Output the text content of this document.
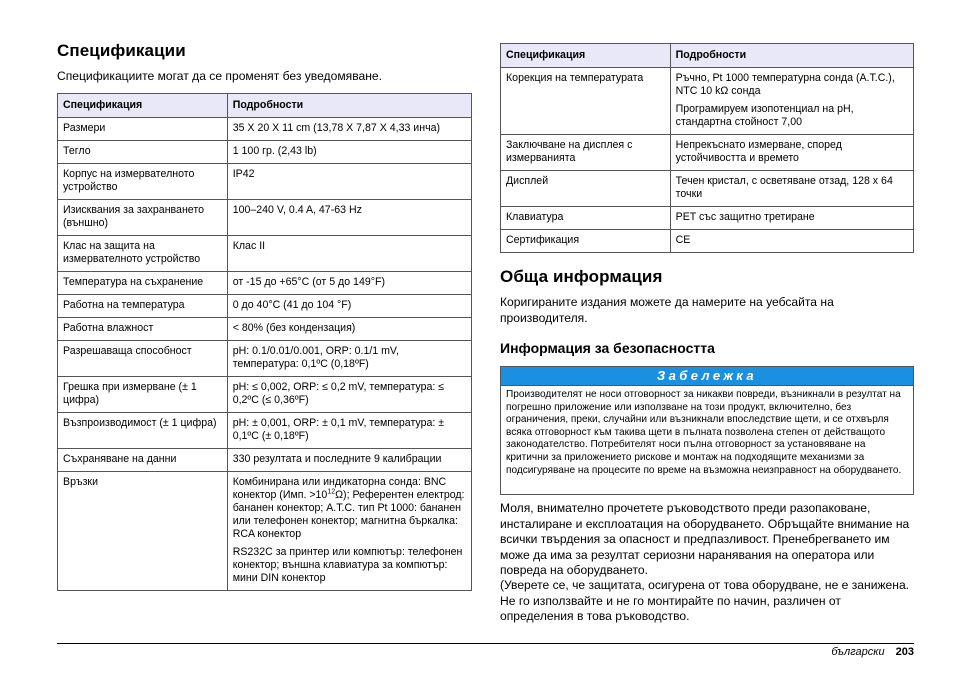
Спецификации

Спецификациите могат да се променят без уведомяване.

Спецификация	Подробности
Размери	35 X 20 X 11 cm (13,78 X 7,87 X 4,33 инча)

Тегло	1 100 гр. (2,43 lb)

Корпус на измервателното устройство	IP42

Изисквания за захранването (външно)	100–240 V, 0.4 A, 47-63 Hz

Клас на защита на измервателното устройство	Клас II

Температура на съхранение	от -15 до +65°C (от 5 до 149°F)

Работна на температура	0 до 40°C (41 до 104 °F)

Работна влажност	< 80% (без кондензация)

Разрешаваща способност	pH: 0.1/0.01/0.001, ORP: 0.1/1 mV, температура: 0,1ºC (0,18ºF)

Грешка при измерване (± 1 цифра)	pH: ≤ 0,002, ORP: ≤ 0,2 mV, температура: ≤ 0,2ºC (≤ 0,36ºF)

Възпроизводимост (± 1 цифра)	pH: ± 0,001, ORP: ± 0,1 mV, температура: ± 0,1ºC (± 0,18ºF)

Съхраняване на данни	330 резултата и последните 9 калибрации

Връзки	Комбинирана или индикаторна сонда: BNC конектор (Имп. $>10^{12}\Omega$); Референтен електрод: бананен конектор; A.T.C. тип Pt 1000: бананен или телефонен конектор; магнитна бъркалка: RCA конектор
RS232C за принтер или компютър: телефонен конектор; външна клавиатура за компютър: мини DIN конектор
Спецификация	Подробности
Корекция на температурата	Ръчно, Pt 1000 температурна сонда (A.T.C.), NTC 10 kΩ сонда
Програмируем изопотенциал на pH, стандартна стойност 7,00

Заключване на дисплея с измерванията	Непрекъснато измерване, според устойчивостта и времето

Дисплей	Течен кристал, с осветяване отзад, 128 x 64 точки

Клавиатура	PET със защитно третиране

Сертификация	CE
Обща информация

Коригираните издания можете да намерите на уебсайта на производителя.

Информация за безопасността
Забележка
Производителят не носи отговорност за никакви повреди, възникнали в резултат на погрешно приложение или използване на този продукт, включително, без ограничения, преки, случайни или възникнали впоследствие щети, и се отхвърля всяка отговорност към такива щети в пълната позволена степен от действащото законодателство. Потребителят носи пълна отговорност за установяване на критични за приложението рискове и монтаж на подходящите механизми за подсигуряване на процесите по време на възможна неизправност на оборудването.

Моля, внимателно прочетете ръководството преди разопаковане, инсталиране и експлоатация на оборудването. Обръщайте внимание на всички твърдения за опасност и предпазливост. Пренебрегването им може да има за резултат сериозни наранявания на оператора или повреда на оборудването.

(Уверете се, че защитата, осигурена от това оборудване, не е занижена. Не го използвайте и не го монтирайте по начин, различен от определения в това ръководство.

български 203
